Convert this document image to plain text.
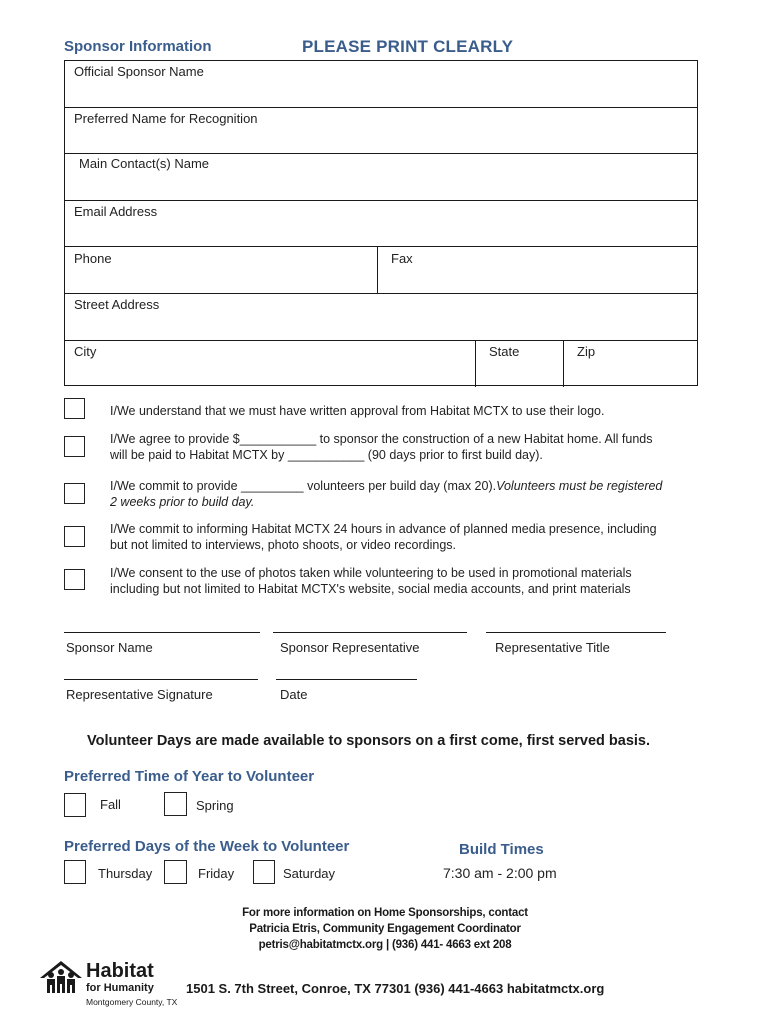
Sponsor Information	PLEASE PRINT CLEARLY
Official Sponsor Name
Preferred Name for Recognition
Main Contact(s) Name
Email Address
Phone	Fax
Street Address
City	State	Zip
I/We understand that we must have written approval from Habitat MCTX to use their logo.
I/We agree to provide $___________ to sponsor the construction of a new Habitat home. All funds
will be paid to Habitat MCTX by ___________ (90 days prior to first build day).
I/We commit to provide _________ volunteers per build day (max 20).Volunteers must be registered
2 weeks prior to build day.
I/We commit to informing Habitat MCTX 24 hours in advance of planned media presence, including
but not limited to interviews, photo shoots, or video recordings.
I/We consent to the use of photos taken while volunteering to be used in promotional materials
including but not limited to Habitat MCTX's website, social media accounts, and print materials
Sponsor Name	Sponsor Representative	Representative Title
Representative Signature	Date
Volunteer Days are made available to sponsors on a first come, first served basis.
Preferred Time of Year to Volunteer
Fall	Spring
Preferred Days of the Week to Volunteer
Thursday	Friday	Saturday
Build Times
7:30 am - 2:00 pm
For more information on Home Sponsorships, contact
Patricia Etris, Community Engagement Coordinator
petris@habitatmctx.org | (936) 441- 4663 ext 208
Habitat
for Humanity
Montgomery County, TX
1501 S. 7th Street, Conroe, TX 77301 (936) 441-4663 habitatmctx.org
